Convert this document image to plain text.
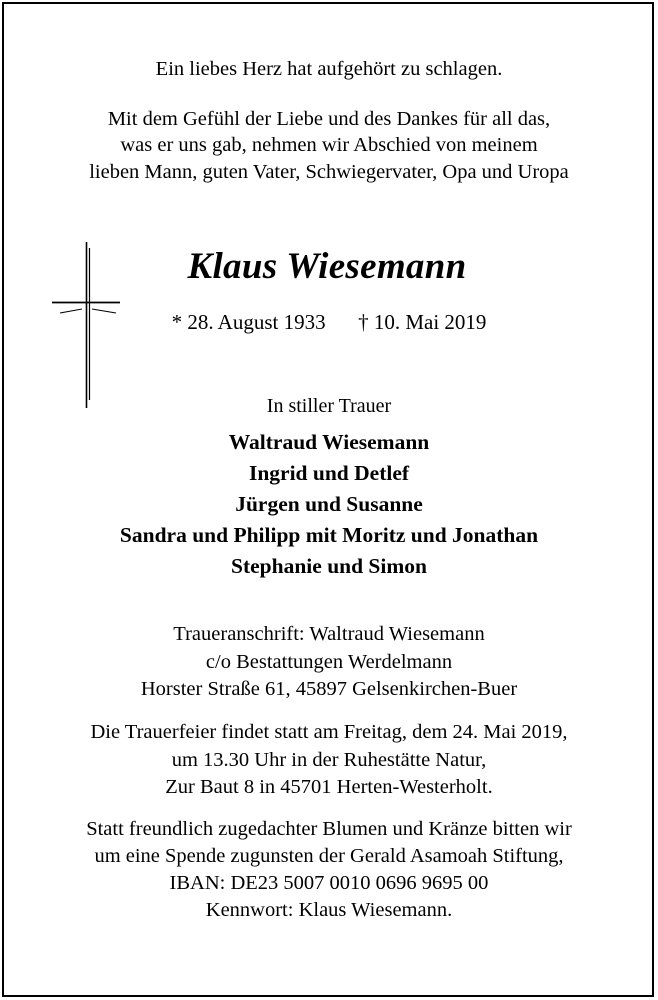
Ein liebes Herz hat aufgehört zu schlagen.
Mit dem Gefühl der Liebe und des Dankes für all das,
was er uns gab, nehmen wir Abschied von meinem
lieben Mann, guten Vater, Schwiegervater, Opa und Uropa
Klaus Wiesemann
* 28. August 1933 † 10. Mai 2019
In stiller Trauer
Waltraud Wiesemann
Ingrid und Detlef
Jürgen und Susanne
Sandra und Philipp mit Moritz und Jonathan
Stephanie und Simon
Traueranschrift: Waltraud Wiesemann
c/o Bestattungen Werdelmann
Horster Straße 61, 45897 Gelsenkirchen-Buer
Die Trauerfeier findet statt am Freitag, dem 24. Mai 2019,
um 13.30 Uhr in der Ruhestätte Natur,
Zur Baut 8 in 45701 Herten-Westerholt.
Statt freundlich zugedachter Blumen und Kränze bitten wir
um eine Spende zugunsten der Gerald Asamoah Stiftung,
IBAN: DE23 5007 0010 0696 9695 00
Kennwort: Klaus Wiesemann.
